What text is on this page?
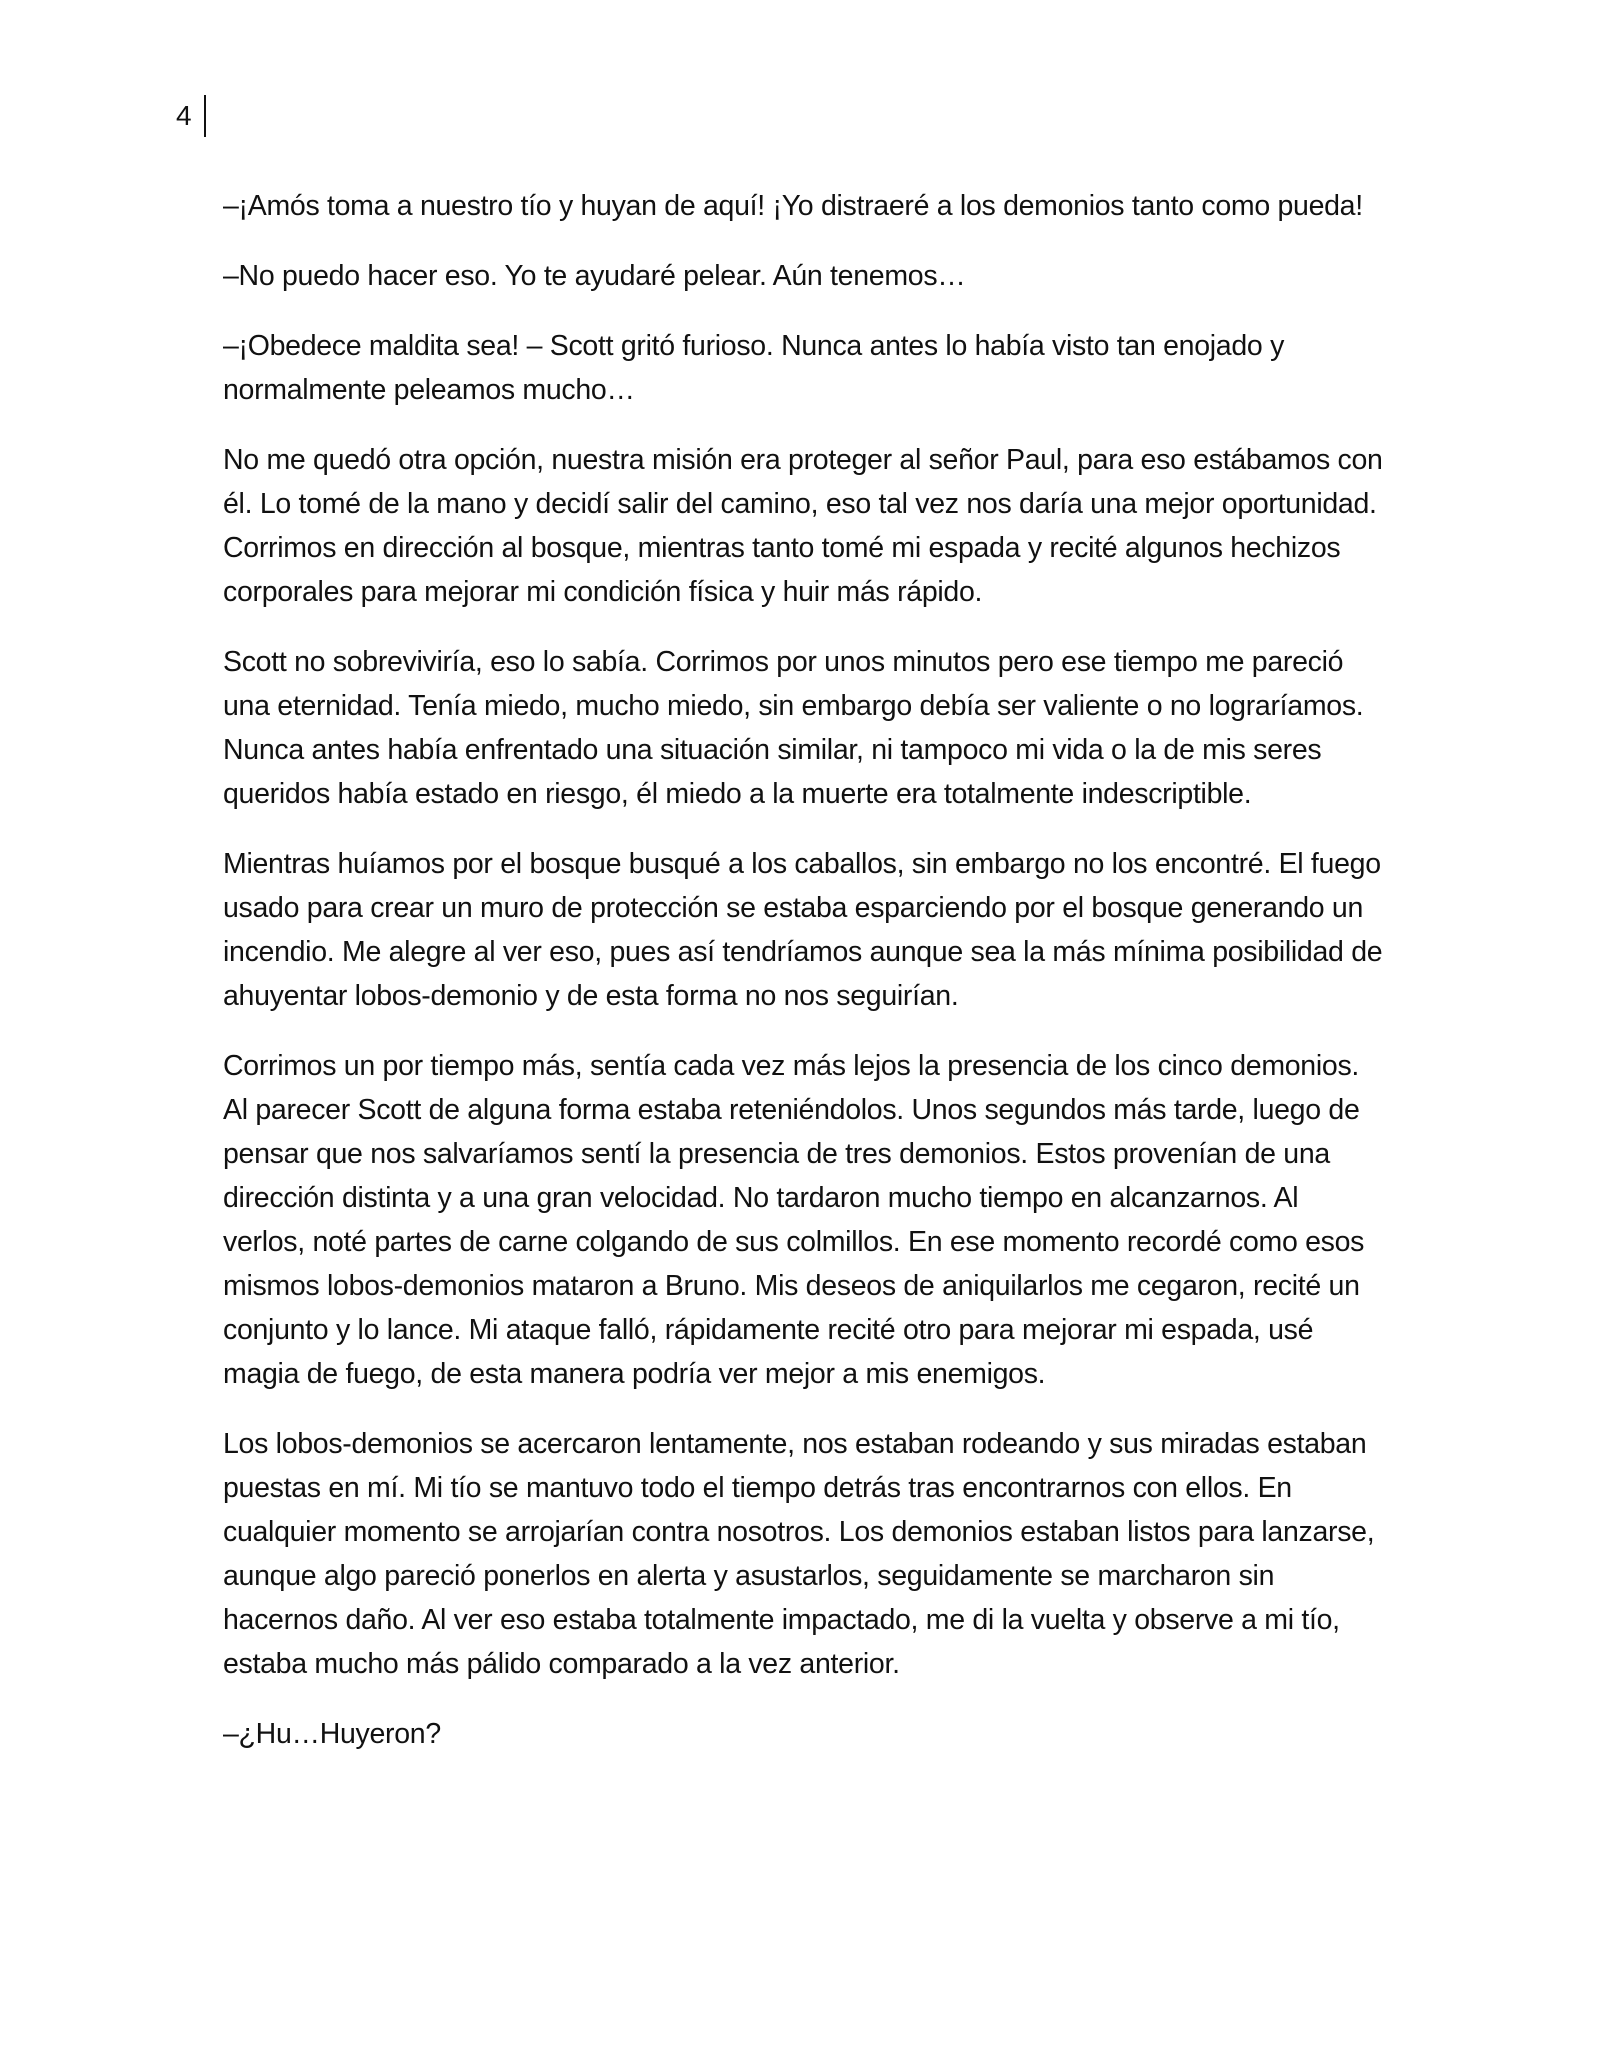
4

–¡Amós toma a nuestro tío y huyan de aquí! ¡Yo distraeré a los demonios tanto como pueda!

–No puedo hacer eso. Yo te ayudaré pelear. Aún tenemos…

–¡Obedece maldita sea! – Scott gritó furioso. Nunca antes lo había visto tan enojado y normalmente peleamos mucho…

No me quedó otra opción, nuestra misión era proteger al señor Paul, para eso estábamos con él. Lo tomé de la mano y decidí salir del camino, eso tal vez nos daría una mejor oportunidad. Corrimos en dirección al bosque, mientras tanto tomé mi espada y recité algunos hechizos corporales para mejorar mi condición física y huir más rápido.

Scott no sobreviviría, eso lo sabía. Corrimos por unos minutos pero ese tiempo me pareció una eternidad. Tenía miedo, mucho miedo, sin embargo debía ser valiente o no lograríamos. Nunca antes había enfrentado una situación similar, ni tampoco mi vida o la de mis seres queridos había estado en riesgo, él miedo a la muerte era totalmente indescriptible.

Mientras huíamos por el bosque busqué a los caballos, sin embargo no los encontré. El fuego usado para crear un muro de protección se estaba esparciendo por el bosque generando un incendio. Me alegre al ver eso, pues así tendríamos aunque sea la más mínima posibilidad de ahuyentar lobos-demonio y de esta forma no nos seguirían.

Corrimos un por tiempo más, sentía cada vez más lejos la presencia de los cinco demonios. Al parecer Scott de alguna forma estaba reteniéndolos. Unos segundos más tarde, luego de pensar que nos salvaríamos sentí la presencia de tres demonios. Estos provenían de una dirección distinta y a una gran velocidad. No tardaron mucho tiempo en alcanzarnos. Al verlos, noté partes de carne colgando de sus colmillos. En ese momento recordé como esos mismos lobos-demonios mataron a Bruno. Mis deseos de aniquilarlos me cegaron, recité un conjunto y lo lance. Mi ataque falló, rápidamente recité otro para mejorar mi espada, usé magia de fuego, de esta manera podría ver mejor a mis enemigos.

Los lobos-demonios se acercaron lentamente, nos estaban rodeando y sus miradas estaban puestas en mí. Mi tío se mantuvo todo el tiempo detrás tras encontrarnos con ellos. En cualquier momento se arrojarían contra nosotros. Los demonios estaban listos para lanzarse, aunque algo pareció ponerlos en alerta y asustarlos, seguidamente se marcharon sin hacernos daño. Al ver eso estaba totalmente impactado, me di la vuelta y observe a mi tío, estaba mucho más pálido comparado a la vez anterior.

–¿Hu…Huyeron?
